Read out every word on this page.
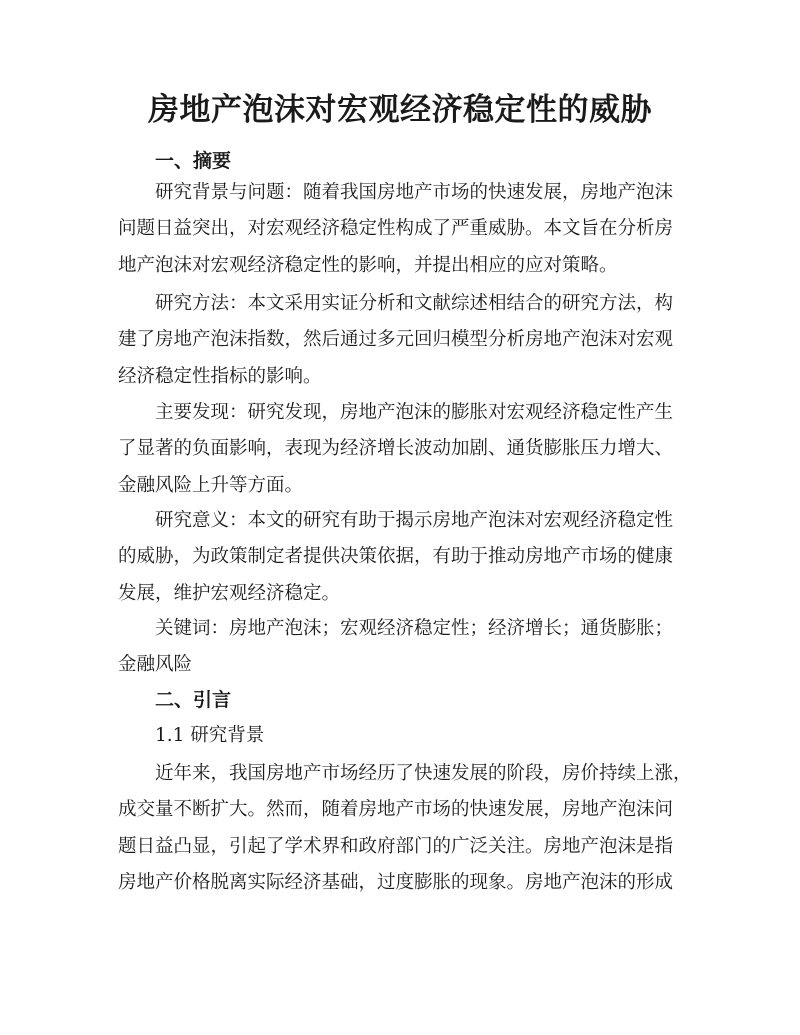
房地产泡沫对宏观经济稳定性的威胁
一、摘要
研究背景与问题：随着我国房地产市场的快速发展，房地产泡沫
问题日益突出，对宏观经济稳定性构成了严重威胁。本文旨在分析房
地产泡沫对宏观经济稳定性的影响，并提出相应的应对策略。
研究方法：本文采用实证分析和文献综述相结合的研究方法，构
建了房地产泡沫指数，然后通过多元回归模型分析房地产泡沫对宏观
经济稳定性指标的影响。
主要发现：研究发现，房地产泡沫的膨胀对宏观经济稳定性产生
了显著的负面影响，表现为经济增长波动加剧、通货膨胀压力增大、
金融风险上升等方面。
研究意义：本文的研究有助于揭示房地产泡沫对宏观经济稳定性
的威胁，为政策制定者提供决策依据，有助于推动房地产市场的健康
发展，维护宏观经济稳定。
关键词：房地产泡沫；宏观经济稳定性；经济增长；通货膨胀；
金融风险
二、引言
1.1 研究背景
近年来，我国房地产市场经历了快速发展的阶段，房价持续上涨，
成交量不断扩大。然而，随着房地产市场的快速发展，房地产泡沫问
题日益凸显，引起了学术界和政府部门的广泛关注。房地产泡沫是指
房地产价格脱离实际经济基础，过度膨胀的现象。房地产泡沫的形成
